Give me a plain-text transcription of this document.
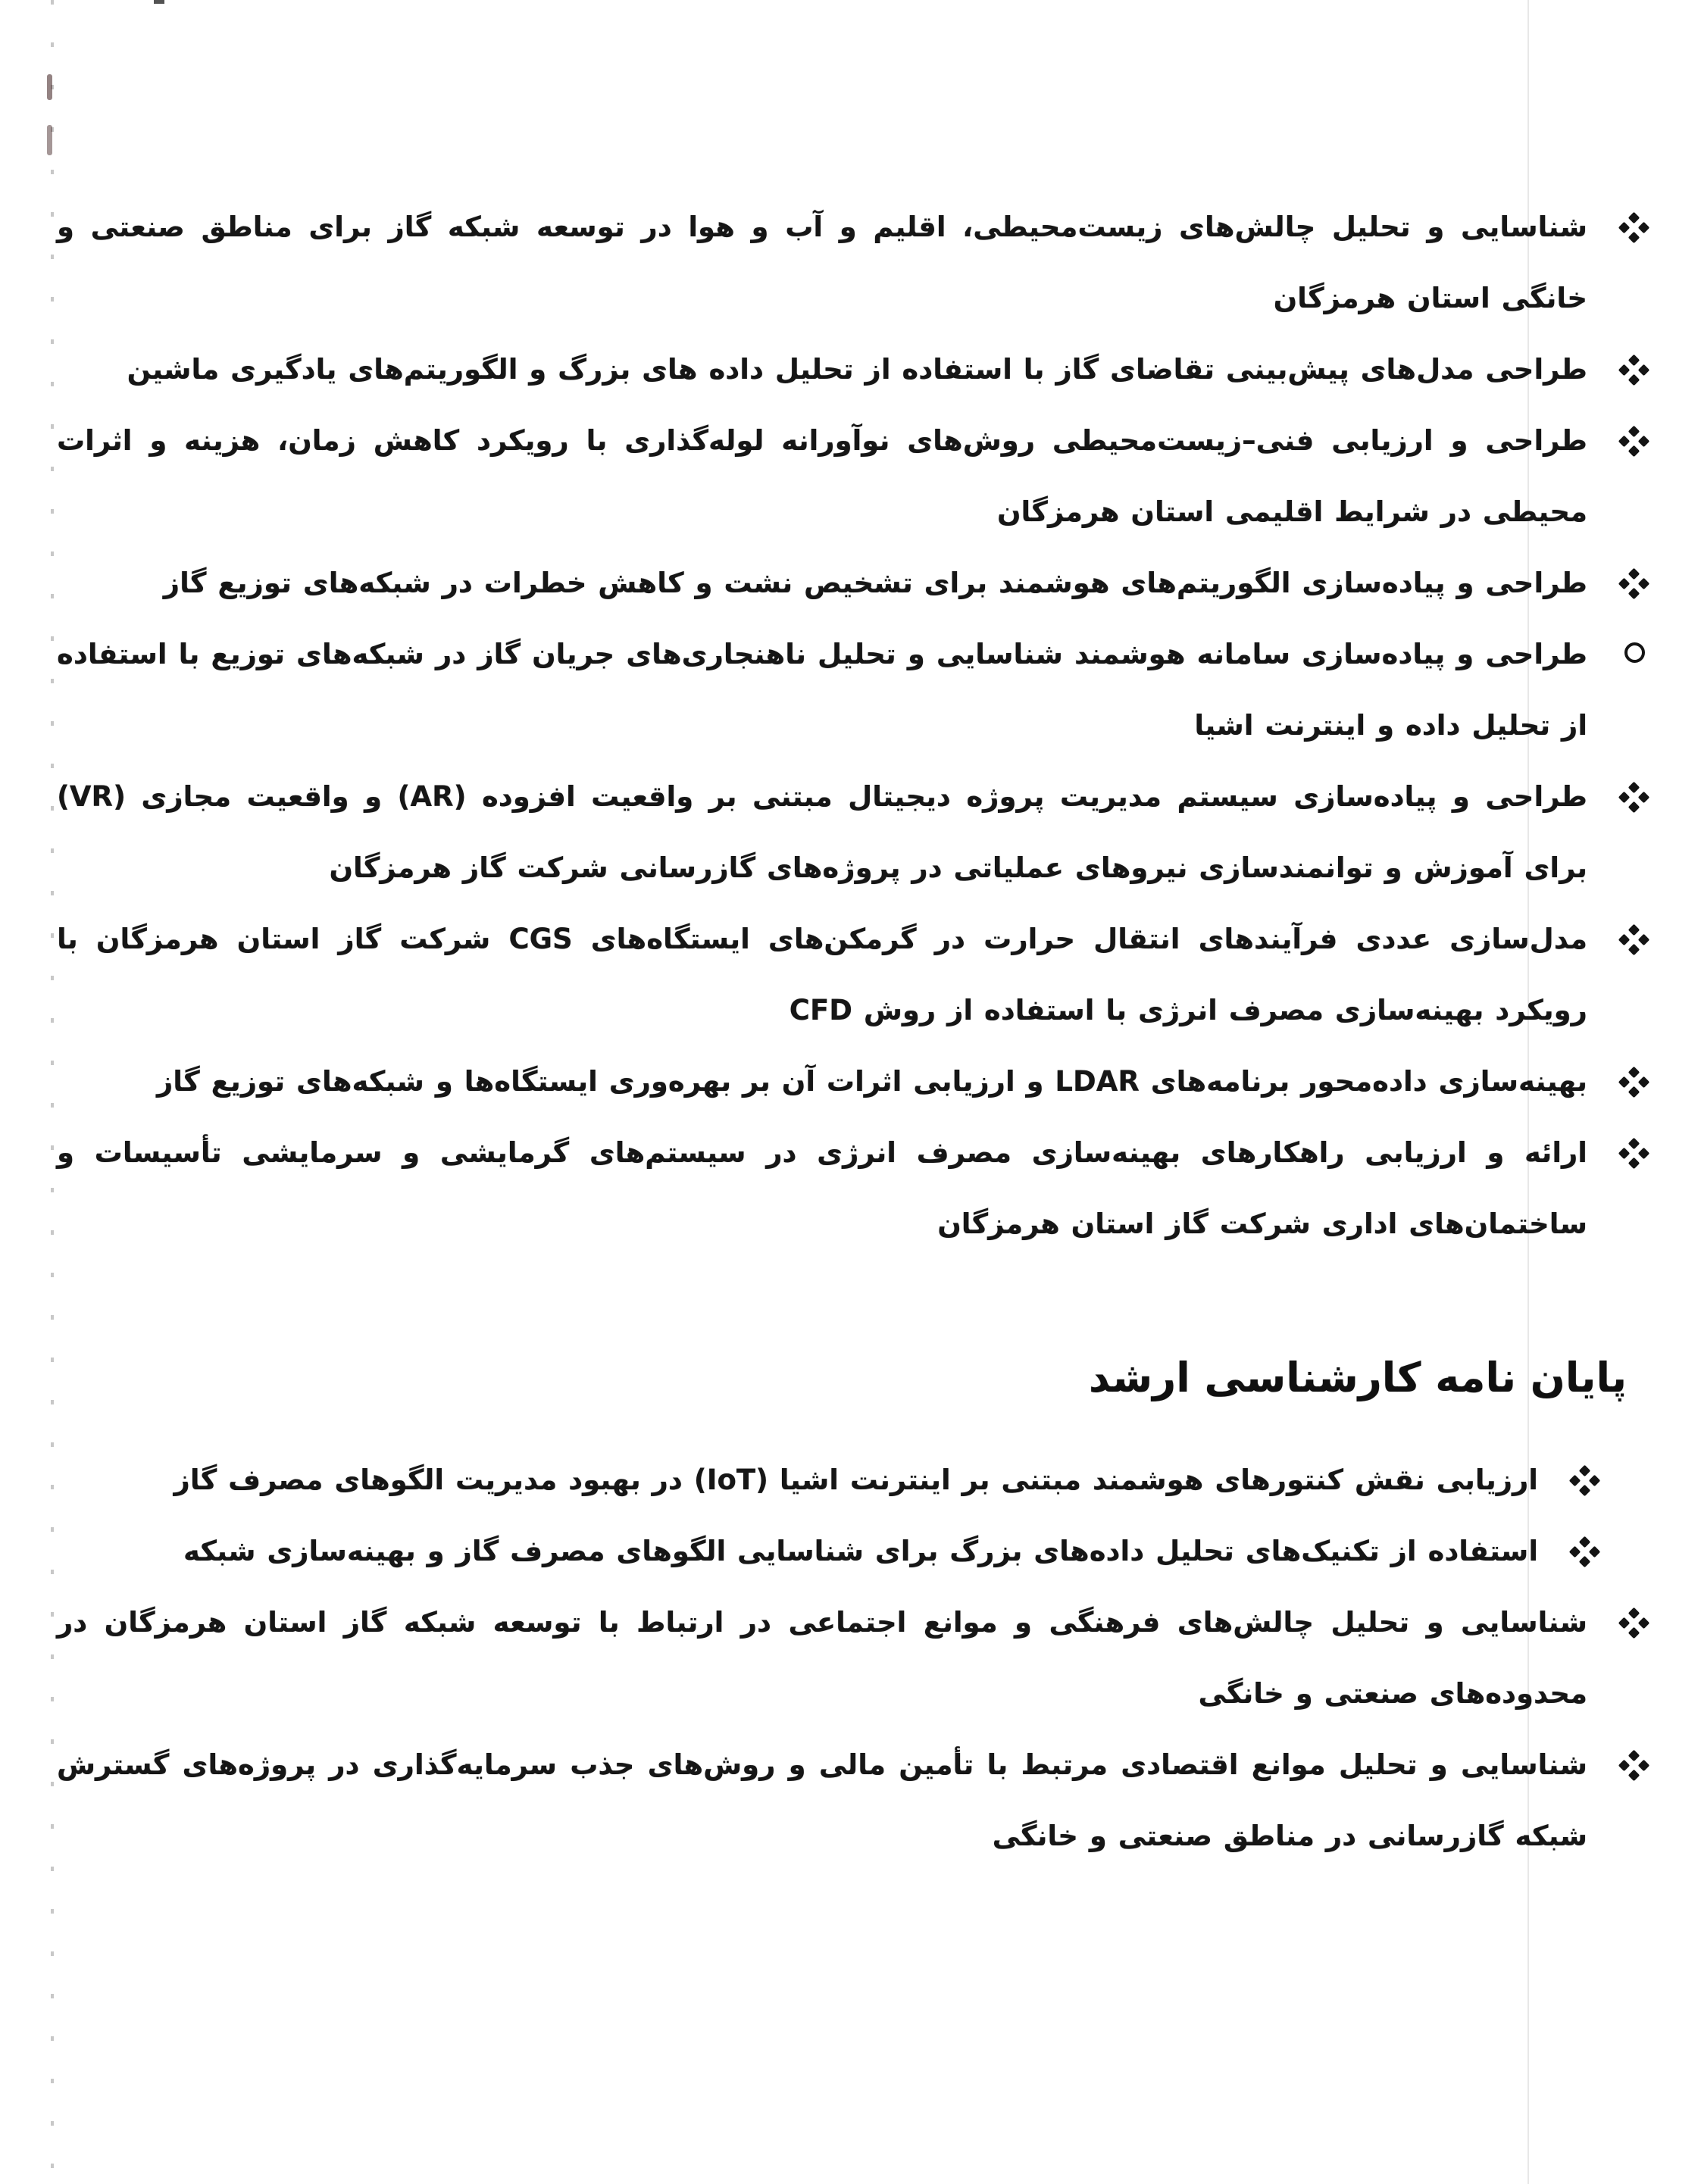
شناسایی و تحلیل چالش‌های زیست‌محیطی، اقلیم و آب و هوا در توسعه شبکه گاز برای مناطق صنعتی و خانگی استان هرمزگان
طراحی مدل‌های پیش‌بینی تقاضای گاز با استفاده از تحلیل داده های بزرگ و الگوریتم‌های یادگیری ماشین
طراحی و ارزیابی فنی–زیست‌محیطی روش‌های نوآورانه لوله‌گذاری با رویکرد کاهش زمان، هزینه و اثرات محیطی در شرایط اقلیمی استان هرمزگان
طراحی و پیاده‌سازی الگوریتم‌های هوشمند برای تشخیص نشت و کاهش خطرات در شبکه‌های توزیع گاز
طراحی و پیاده‌سازی سامانه هوشمند شناسایی و تحلیل ناهنجاری‌های جریان گاز در شبکه‌های توزیع با استفاده از تحلیل داده و اینترنت اشیا
طراحی و پیاده‌سازی سیستم مدیریت پروژه دیجیتال مبتنی بر واقعیت افزوده (AR) و واقعیت مجازی (VR) برای آموزش و توانمندسازی نیروهای عملیاتی در پروژه‌های گازرسانی شرکت گاز هرمزگان
مدل‌سازی عددی فرآیندهای انتقال حرارت در گرمکن‌های ایستگاه‌های CGS شرکت گاز استان هرمزگان با رویکرد بهینه‌سازی مصرف انرژی با استفاده از روش CFD
بهینه‌سازی داده‌محور برنامه‌های LDAR و ارزیابی اثرات آن بر بهره‌وری ایستگاه‌ها و شبکه‌های توزیع گاز
ارائه و ارزیابی راهکارهای بهینه‌سازی مصرف انرژی در سیستم‌های گرمایشی و سرمایشی تأسیسات و ساختمان‌های اداری شرکت گاز استان هرمزگان
پایان نامه کارشناسی ارشد
ارزیابی نقش کنتورهای هوشمند مبتنی بر اینترنت اشیا (IoT) در بهبود مدیریت الگوهای مصرف گاز
استفاده از تکنیک‌های تحلیل داده‌های بزرگ برای شناسایی الگوهای مصرف گاز و بهینه‌سازی شبکه
شناسایی و تحلیل چالش‌های فرهنگی و موانع اجتماعی در ارتباط با توسعه شبکه گاز استان هرمزگان در محدوده‌های صنعتی و خانگی
شناسایی و تحلیل موانع اقتصادی مرتبط با تأمین مالی و روش‌های جذب سرمایه‌گذاری در پروژه‌های گسترش شبکه گازرسانی در مناطق صنعتی و خانگی
